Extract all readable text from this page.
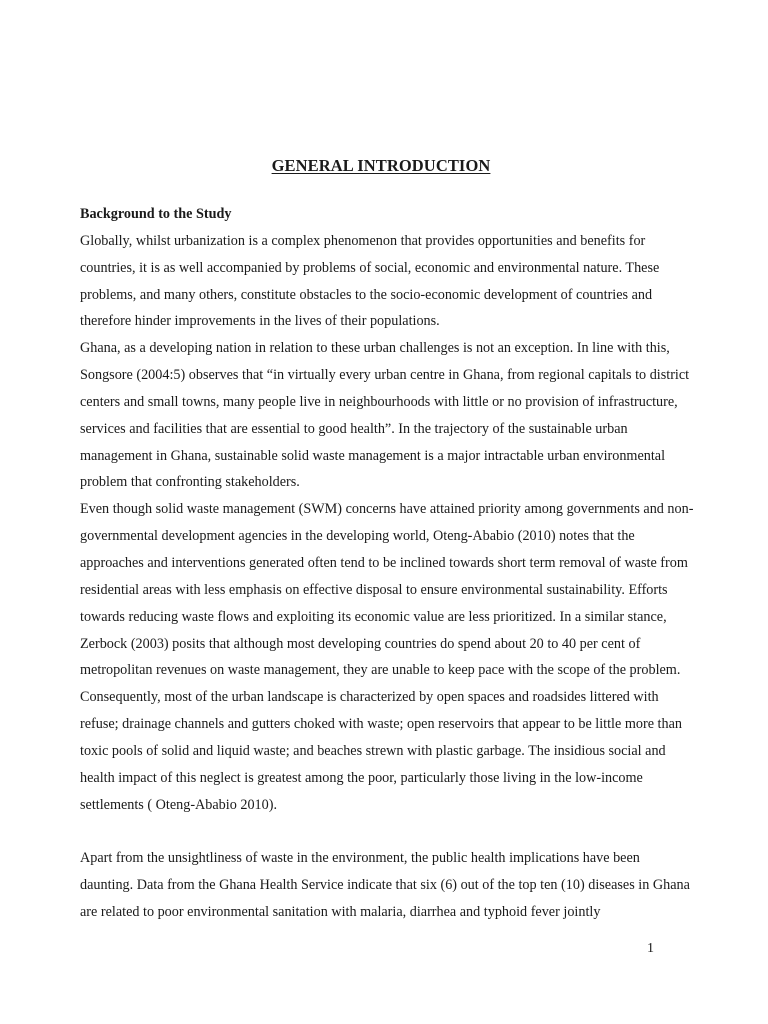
GENERAL INTRODUCTION
Background to the Study

Globally, whilst urbanization is a complex phenomenon that provides opportunities and benefits for countries, it is as well accompanied by problems of social, economic and environmental nature. These problems, and many others, constitute obstacles to the socio-economic development of countries and therefore hinder improvements in the lives of their populations.

Ghana, as a developing nation in relation to these urban challenges is not an exception. In line with this, Songsore (2004:5) observes that “in virtually every urban centre in Ghana, from regional capitals to district centers and small towns, many people live in neighbourhoods with little or no provision of infrastructure, services and facilities that are essential to good health”. In the trajectory of the sustainable urban management in Ghana, sustainable solid waste management is a major intractable urban environmental problem that confronting stakeholders.

Even though solid waste management (SWM) concerns have attained priority among governments and non-governmental development agencies in the developing world, Oteng-Ababio (2010) notes that the approaches and interventions generated often tend to be inclined towards short term removal of waste from residential areas with less emphasis on effective disposal to ensure environmental sustainability. Efforts towards reducing waste flows and exploiting its economic value are less prioritized. In a similar stance, Zerbock (2003) posits that although most developing countries do spend about 20 to 40 per cent of metropolitan revenues on waste management, they are unable to keep pace with the scope of the problem. Consequently, most of the urban landscape is characterized by open spaces and roadsides littered with refuse; drainage channels and gutters choked with waste; open reservoirs that appear to be little more than toxic pools of solid and liquid waste; and beaches strewn with plastic garbage. The insidious social and health impact of this neglect is greatest among the poor, particularly those living in the low-income settlements ( Oteng-Ababio 2010).

Apart from the unsightliness of waste in the environment, the public health implications have been daunting. Data from the Ghana Health Service indicate that six (6) out of the top ten (10) diseases in Ghana are related to poor environmental sanitation with malaria, diarrhea and typhoid fever jointly

1
